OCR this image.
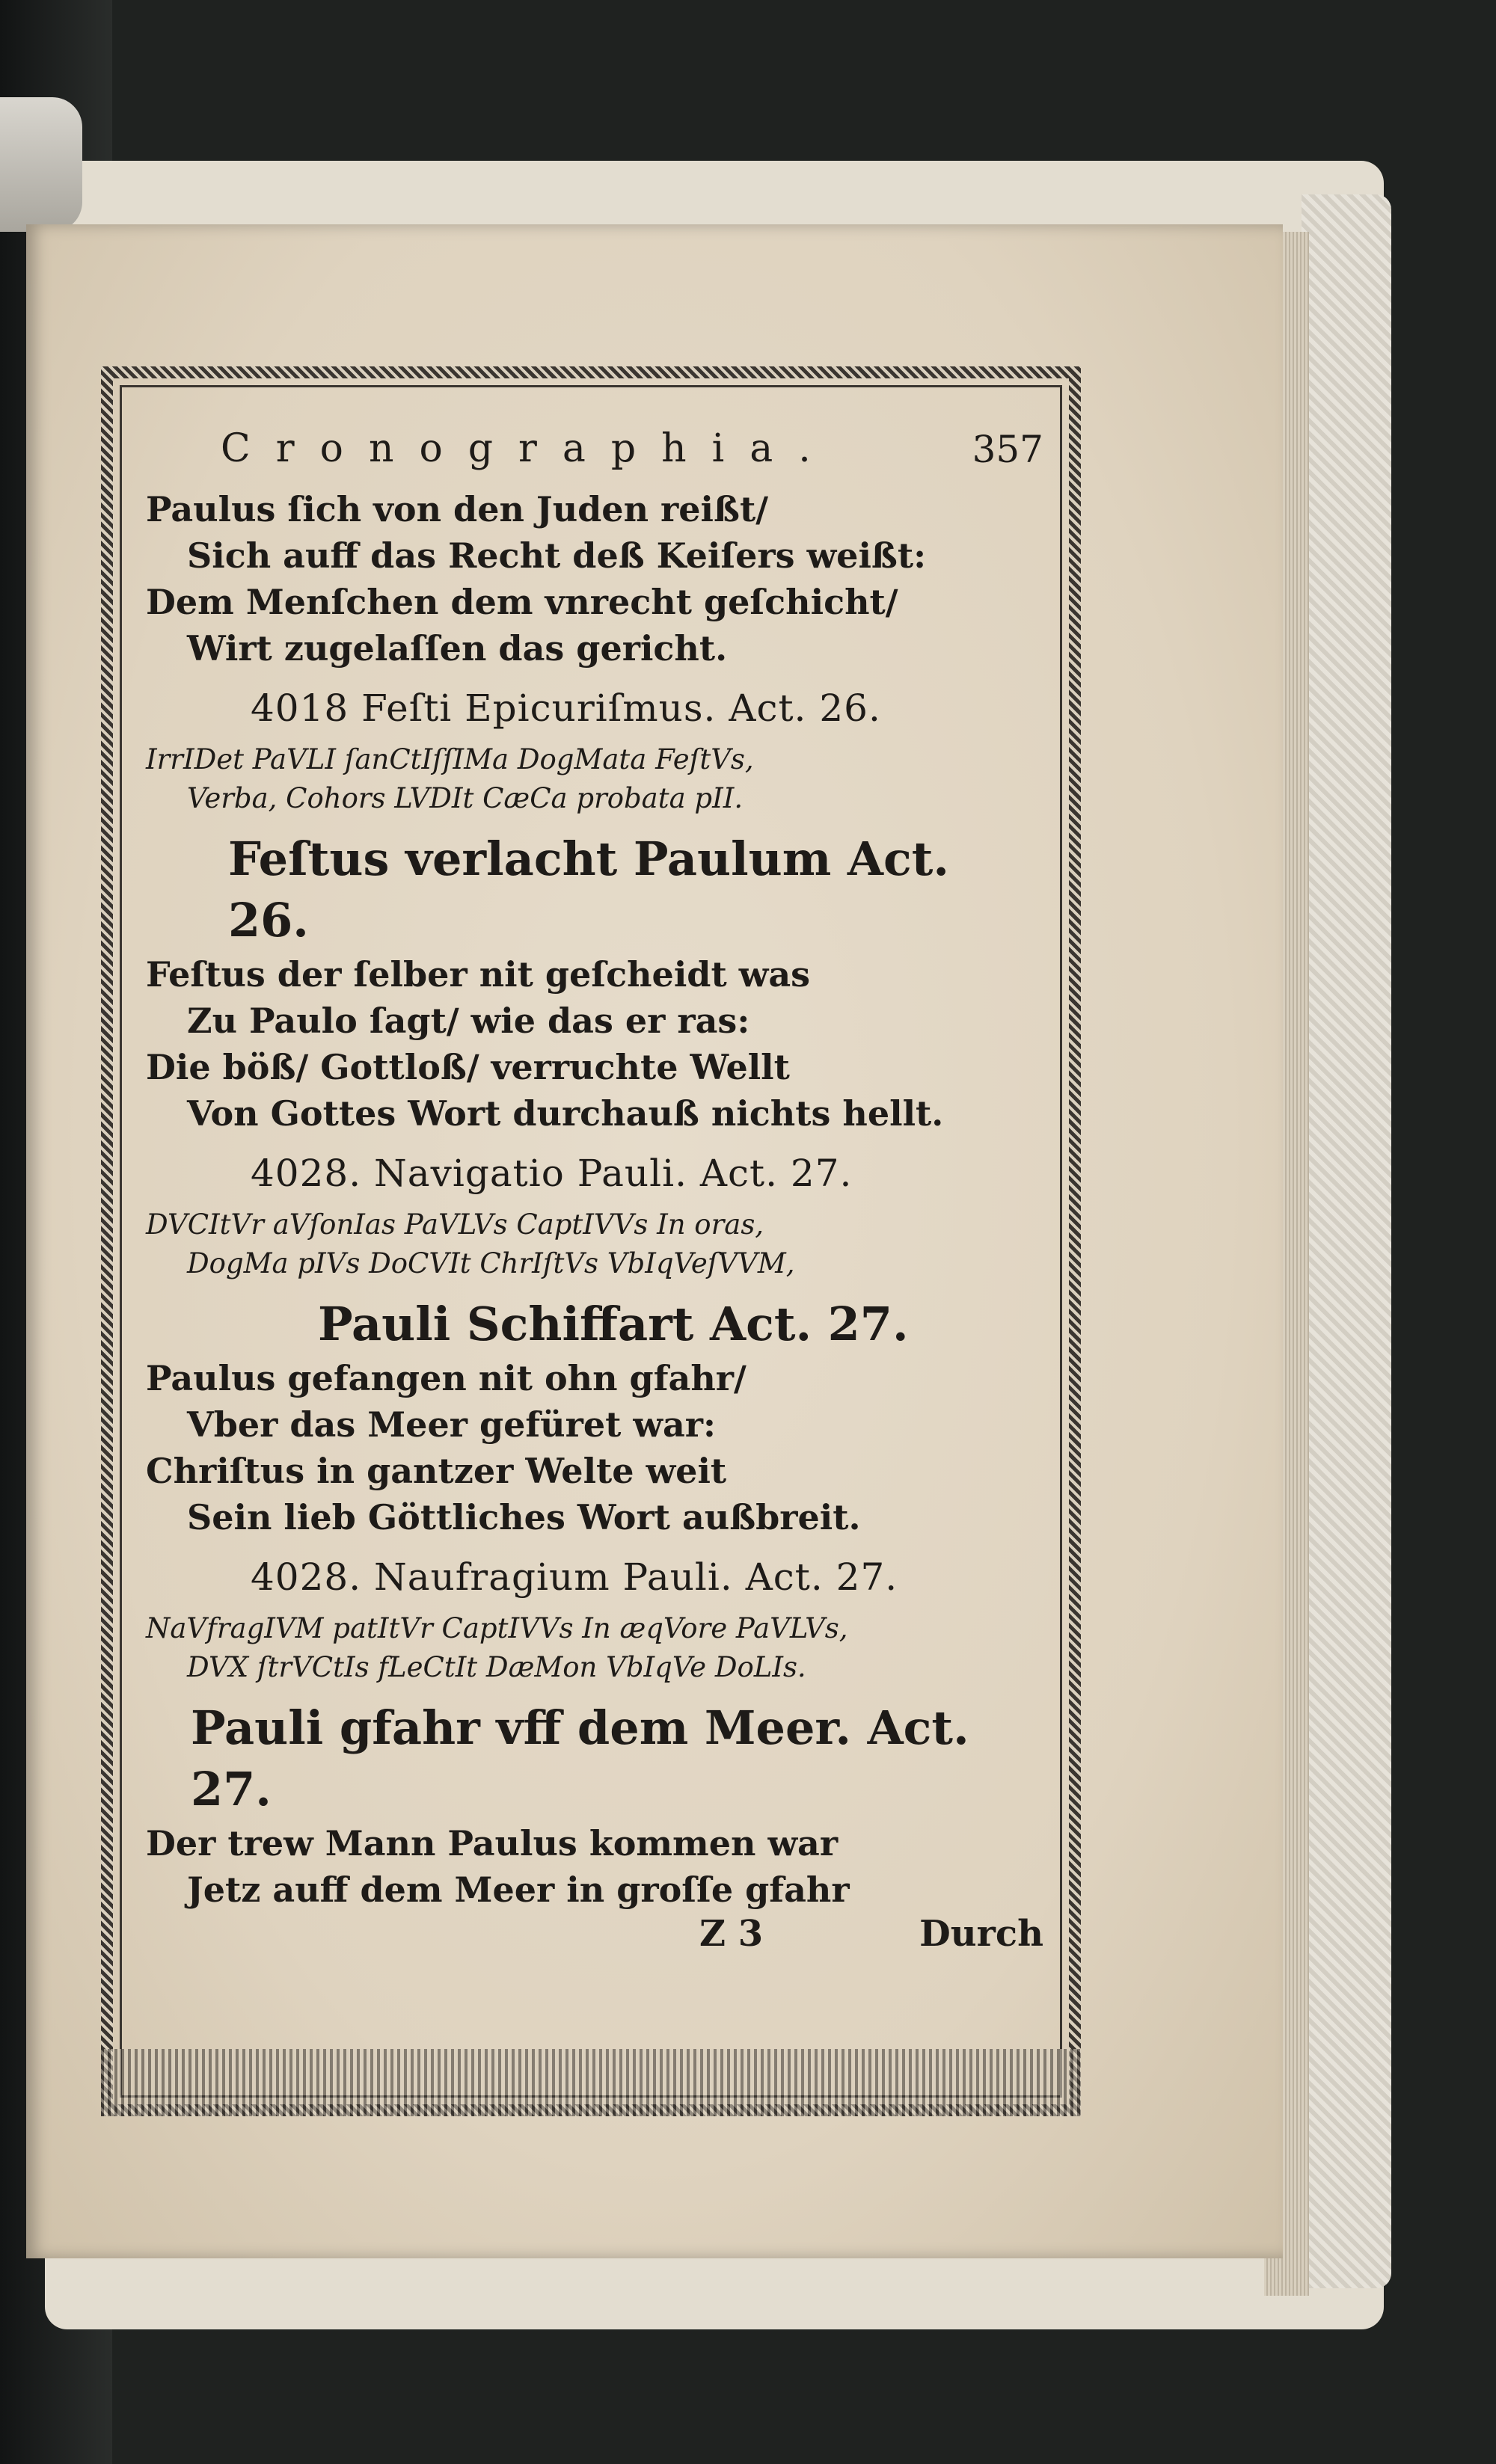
Cronographia.	357
Paulus ſich von den Juden reißt/
Sich auff das Recht deß Keiſers weißt:
Dem Menſchen dem vnrecht geſchicht/
Wirt zugelaſſen das gericht.
4018 Feſti Epicuriſmus. Act. 26.
IrrIDet PaVLI ſanCtIſſIMa DogMata FeſtVs,
Verba, Cohors LVDIt CæCa probata pII.
Feſtus verlacht Paulum Act. 26.
Feſtus der ſelber nit geſcheidt was
Zu Paulo ſagt/ wie das er ras:
Die böß/ Gottloß/ verruchte Wellt
Von Gottes Wort durchauß nichts hellt.
4028. Navigatio Pauli. Act. 27.
DVCItVr aVſonIas PaVLVs CaptIVVs In oras,
DogMa pIVs DoCVIt ChrIſtVs VbIqVeſVVM,
Pauli Schiffart Act. 27.
Paulus gefangen nit ohn gfahr/
Vber das Meer gefüret war:
Chriſtus in gantzer Welte weit
Sein lieb Göttliches Wort außbreit.
4028. Naufragium Pauli. Act. 27.
NaVfragIVM patItVr CaptIVVs In æqVore PaVLVs,
DVX ſtrVCtIs fLeCtIt DæMon VbIqVe DoLIs.
Pauli gfahr vff dem Meer. Act. 27.
Der trew Mann Paulus kommen war
Jetz auff dem Meer in groſſe gfahr
Z 3	Durch
